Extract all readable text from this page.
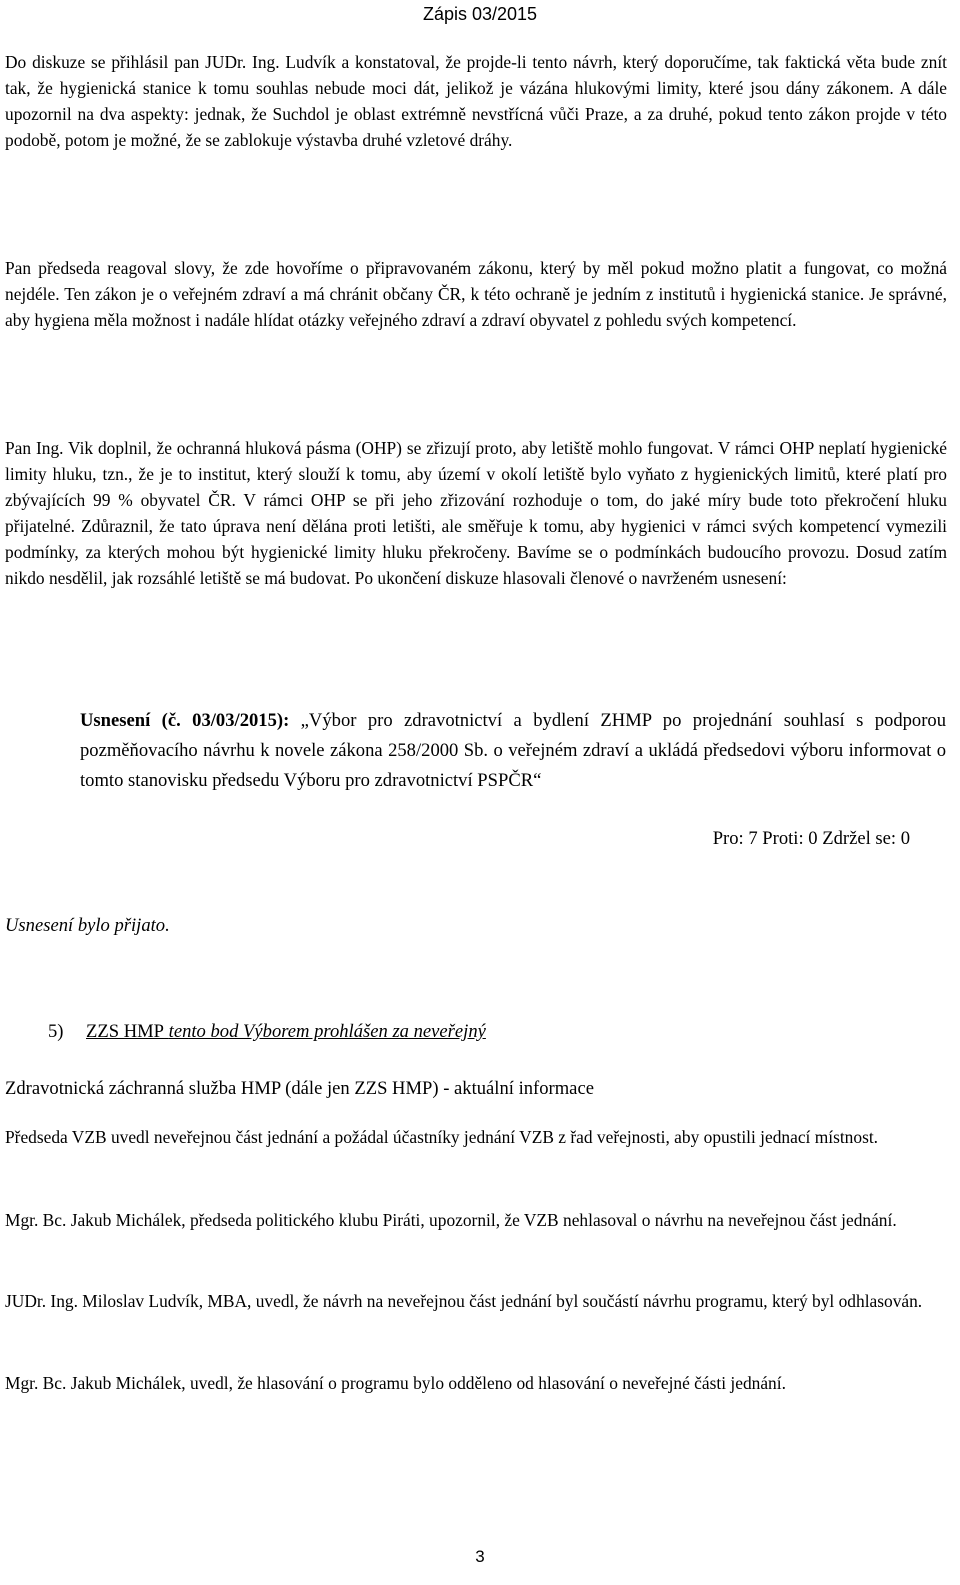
Zápis 03/2015

Do diskuze se přihlásil pan JUDr. Ing. Ludvík a konstatoval, že projde-li tento návrh, který doporučíme, tak faktická věta bude znít tak, že hygienická stanice k tomu souhlas nebude moci dát, jelikož je vázána hlukovými limity, které jsou dány zákonem. A dále upozornil na dva aspekty: jednak, že Suchdol je oblast extrémně nevstřícná vůči Praze, a za druhé, pokud tento zákon projde v této podobě, potom je možné, že se zablokuje výstavba druhé vzletové dráhy.

Pan předseda reagoval slovy, že zde hovoříme o připravovaném zákonu, který by měl pokud možno platit a fungovat, co možná nejdéle. Ten zákon je o veřejném zdraví a má chránit občany ČR, k této ochraně je jedním z institutů i hygienická stanice. Je správné, aby hygiena měla možnost i nadále hlídat otázky veřejného zdraví a zdraví obyvatel z pohledu svých kompetencí.

Pan Ing. Vik doplnil, že ochranná hluková pásma (OHP) se zřizují proto, aby letiště mohlo fungovat. V rámci OHP neplatí hygienické limity hluku, tzn., že je to institut, který slouží k tomu, aby území v okolí letiště bylo vyňato z hygienických limitů, které platí pro zbývajících 99 % obyvatel ČR. V rámci OHP se při jeho zřizování rozhoduje o tom, do jaké míry bude toto překročení hluku přijatelné. Zdůraznil, že tato úprava není dělána proti letišti, ale směřuje k tomu, aby hygienici v rámci svých kompetencí vymezili podmínky, za kterých mohou být hygienické limity hluku překročeny. Bavíme se o podmínkách budoucího provozu. Dosud zatím nikdo nesdělil, jak rozsáhlé letiště se má budovat. Po ukončení diskuze hlasovali členové o navrženém usnesení:

Usnesení (č. 03/03/2015): „Výbor pro zdravotnictví a bydlení ZHMP po projednání souhlasí s podporou pozměňovacího návrhu k novele zákona 258/2000 Sb. o veřejném zdraví a ukládá předsedovi výboru informovat o tomto stanovisku předsedu Výboru pro zdravotnictví PSPČR“

Pro: 7 Proti: 0 Zdržel se: 0
Usnesení bylo přijato.
5) ZZS HMP tento bod Výborem prohlášen za neveřejný
Zdravotnická záchranná služba HMP (dále jen ZZS HMP) - aktuální informace

Předseda VZB uvedl neveřejnou část jednání a požádal účastníky jednání VZB z řad veřejnosti, aby opustili jednací místnost.

Mgr. Bc. Jakub Michálek, předseda politického klubu Piráti, upozornil, že VZB nehlasoval o návrhu na neveřejnou část jednání.

JUDr. Ing. Miloslav Ludvík, MBA, uvedl, že návrh na neveřejnou část jednání byl součástí návrhu programu, který byl odhlasován.

Mgr. Bc. Jakub Michálek, uvedl, že hlasování o programu bylo odděleno od hlasování o neveřejné části jednání.

3
